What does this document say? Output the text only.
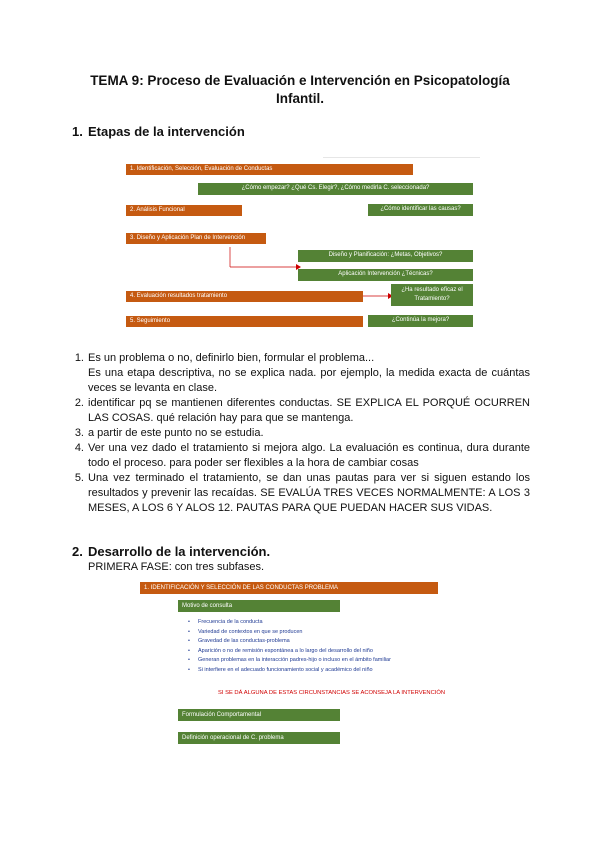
TEMA 9: Proceso de Evaluación e Intervención en Psicopatología
Infantil.
1. Etapas de la intervención
1. Identificación, Selección, Evaluación de Conductas
¿Cómo empezar? ¿Qué Cs. Elegir?, ¿Cómo medirla C. seleccionada?
2. Análisis Funcional	¿Cómo identificar las causas?
3. Diseño y Aplicación Plan de Intervención
Diseño y Planificación: ¿Metas, Objetivos?
Aplicación Intervención ¿Técnicas?
4. Evaluación resultados tratamiento
¿Ha resultado eficaz el
Tratamiento?
5. Seguimiento	¿Continúa la mejora?
1. Es un problema o no, definirlo bien, formular el problema...

Es una etapa descriptiva, no se explica nada. por ejemplo, la medida exacta de cuántas veces se levanta en clase.

2. identificar pq se mantienen diferentes conductas. SE EXPLICA EL PORQUÉ OCURREN LAS COSAS. qué relación hay para que se mantenga.

3. a partir de este punto no se estudia.

4. Ver una vez dado el tratamiento si mejora algo. La evaluación es continua, dura durante todo el proceso. para poder ser flexibles a la hora de cambiar cosas

5. Una vez terminado el tratamiento, se dan unas pautas para ver si siguen estando los resultados y prevenir las recaídas. SE EVALÚA TRES VECES NORMALMENTE: A LOS 3 MESES, A LOS 6 Y ALOS 12. PAUTAS PARA QUE PUEDAN HACER SUS VIDAS.

2. Desarrollo de la intervención.
PRIMERA FASE: con tres subfases.
1. IDENTIFICACIÓN Y SELECCIÓN DE LAS CONDUCTAS PROBLEMA
Motivo de consulta
• Frecuencia de la conducta
• Variedad de contextos en que se producen
• Gravedad de las conductas-problema
• Aparición o no de remisión espontánea a lo largo del desarrollo del niño
• Generan problemas en la interacción padres-hijo o incluso en el ámbito familiar
• Si interfiere en el adecuado funcionamiento social y académico del niño
SI SE DÁ ALGUNA DE ESTAS CIRCUNSTANCIAS SE ACONSEJA LA INTERVENCIÓN
Formulación Comportamental
Definición operacional de C. problema
